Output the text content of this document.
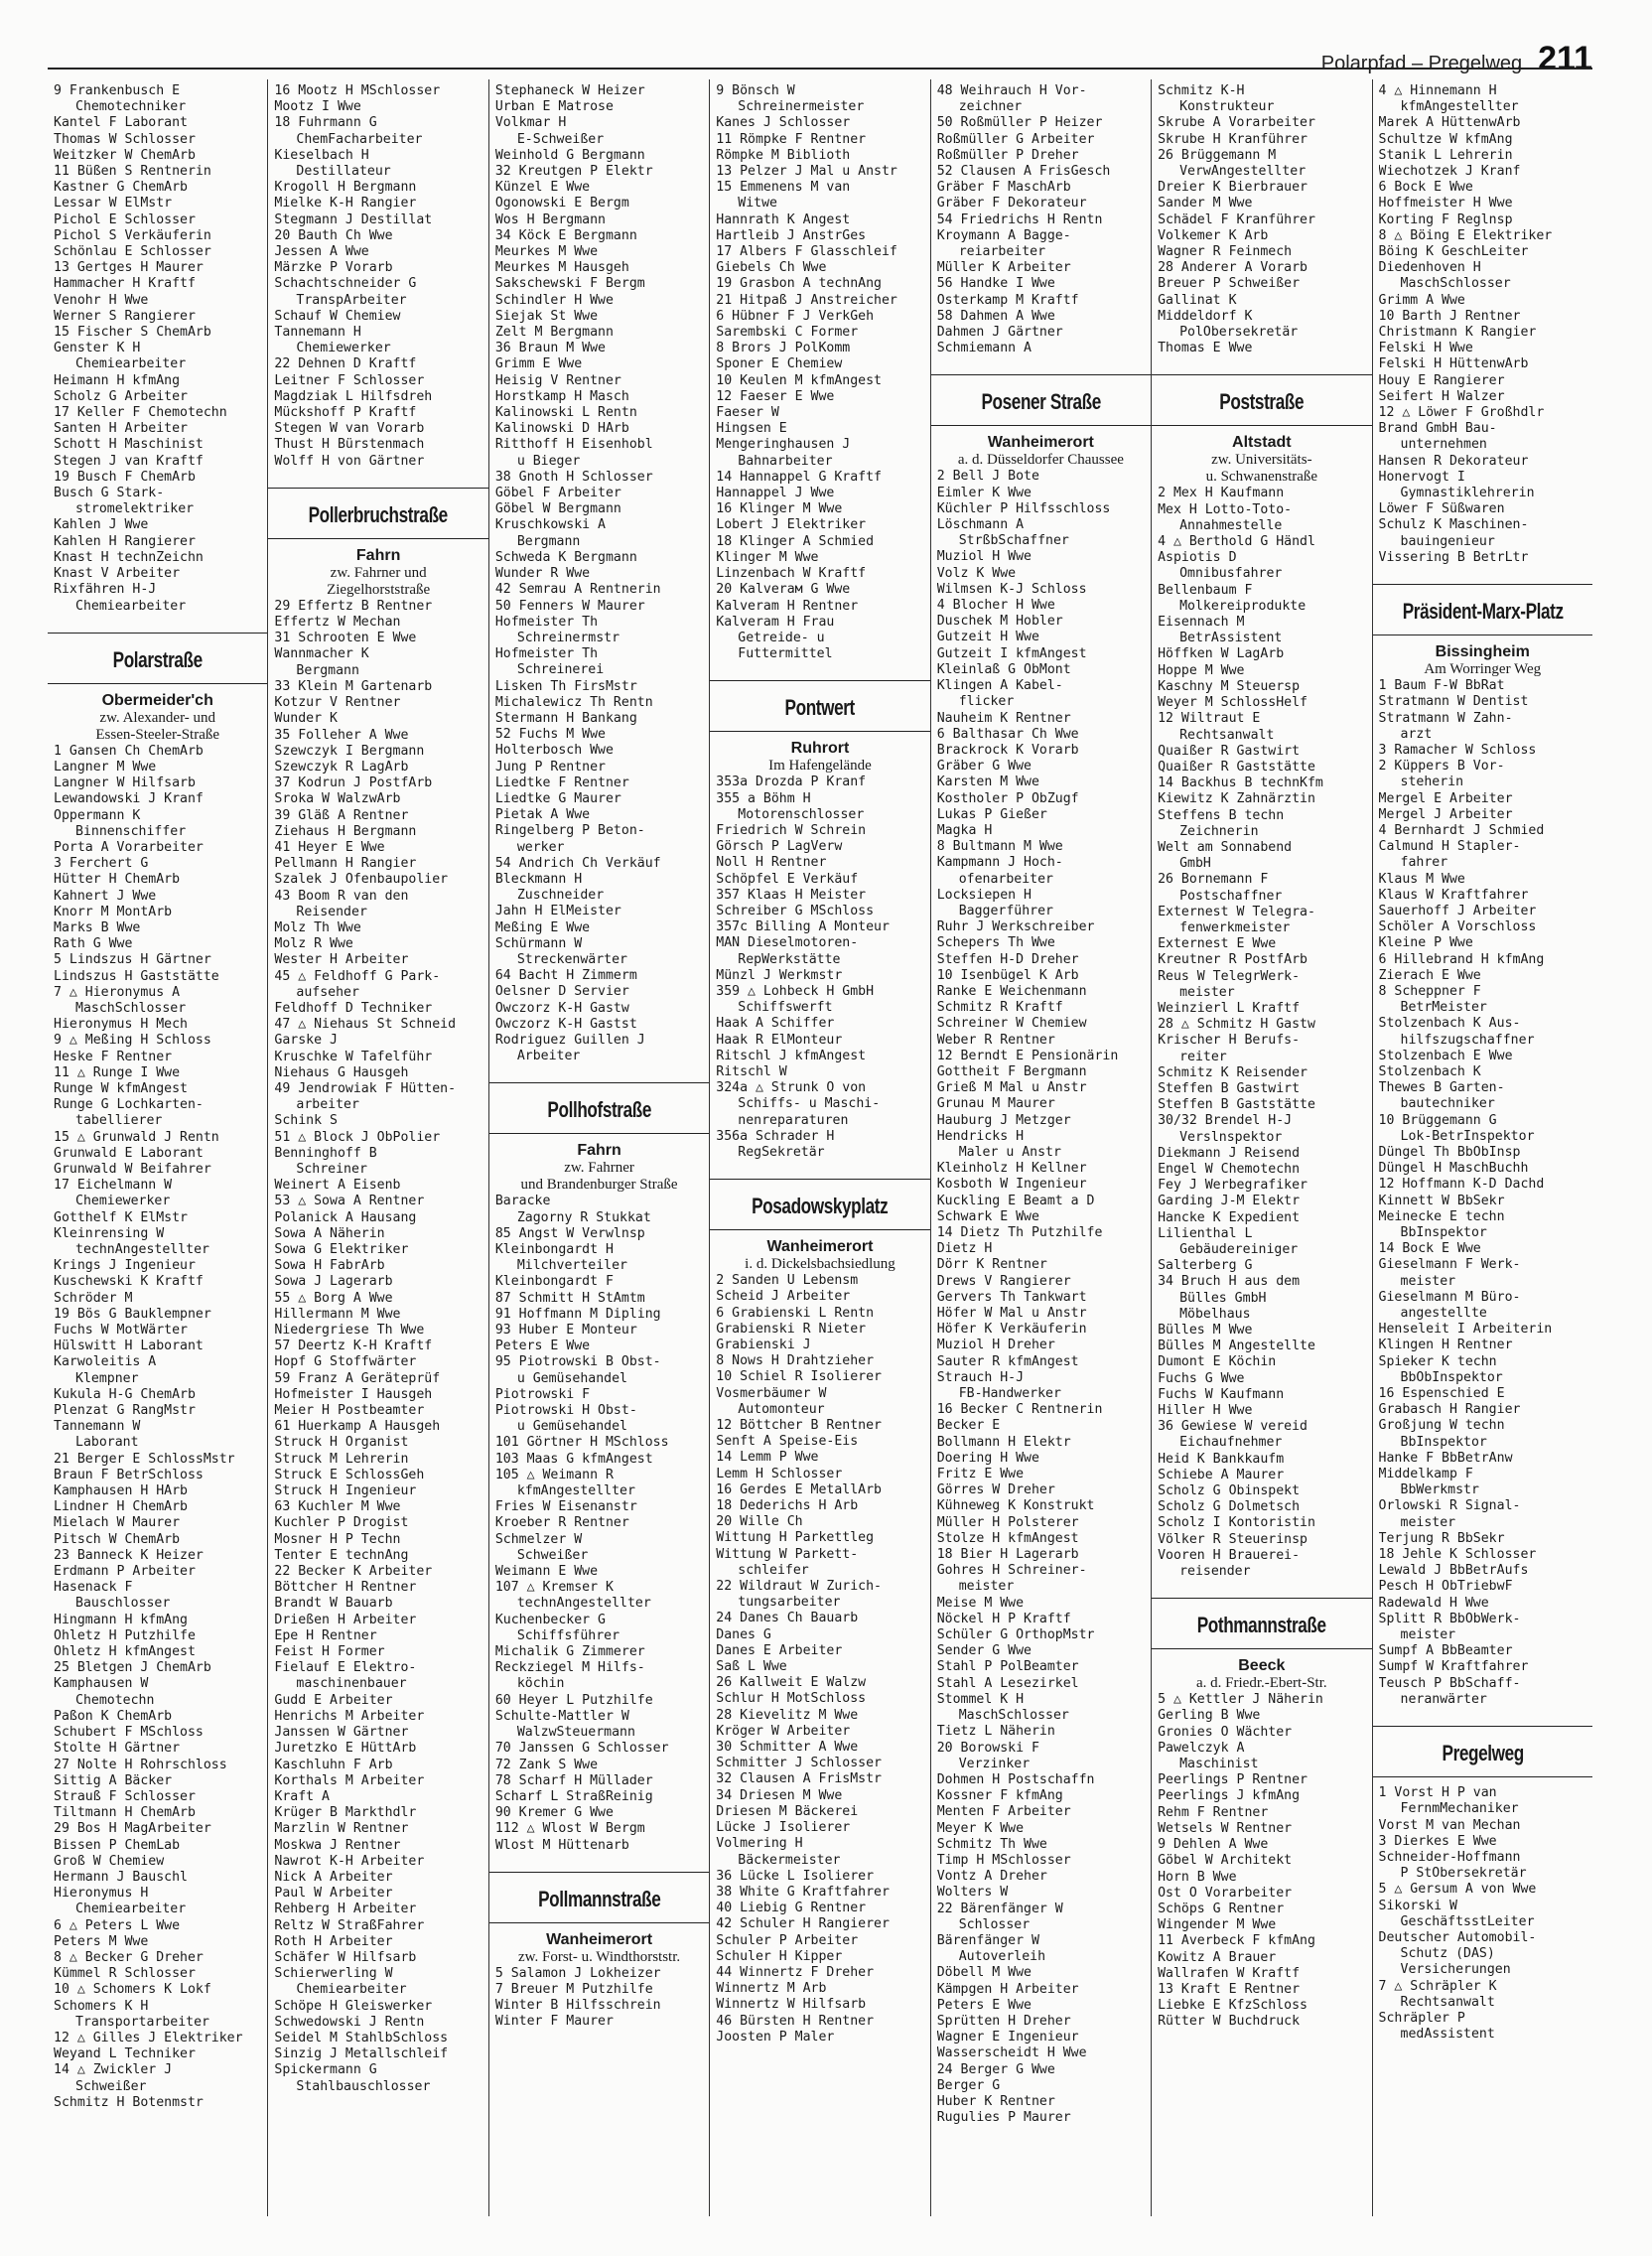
Polarpfad – Pregelweg 211
9 Frankenbusch E
Chemotechniker
Kantel F Laborant
Thomas W Schlosser
Weitzker W ChemArb
11 Büßen S Rentnerin
Kastner G ChemArb
Lessar W ElMstr
Pichol E Schlosser
Pichol S Verkäuferin
Schönlau E Schlosser
13 Gertges H Maurer
Hammacher H Kraftf
Venohr H Wwe
Werner S Rangierer
15 Fischer S ChemArb
Genster K H
Chemiearbeiter
Heimann H kfmAng
Scholz G Arbeiter
17 Keller F Chemotechn
Santen H Arbeiter
Schott H Maschinist
Stegen J van Kraftf
19 Busch F ChemArb
Busch G Stark-
stromelektriker
Kahlen J Wwe
Kahlen H Rangierer
Knast H technZeichn
Knast V Arbeiter
Rixfähren H-J
Chemiearbeiter
Polarstraße
Obermeider'ch
zw. Alexander- und
Essen-Steeler-Straße
1 Gansen Ch ChemArb
Langner M Wwe
Langner W Hilfsarb
Lewandowski J Kranf
Oppermann K
Binnenschiffer
Porta A Vorarbeiter
3 Ferchert G
Hütter H ChemArb
Kahnert J Wwe
Knorr M MontArb
Marks B Wwe
Rath G Wwe
5 Lindszus H Gärtner
Lindszus H Gaststätte
7 △ Hieronymus A
MaschSchlosser
Hieronymus H Mech
9 △ Meßing H Schloss
Heske F Rentner
11 △ Runge I Wwe
Runge W kfmAngest
Runge G Lochkarten-
tabellierer
15 △ Grunwald J Rentn
Grunwald E Laborant
Grunwald W Beifahrer
17 Eichelmann W
Chemiewerker
Gotthelf K ElMstr
Kleinrensing W
technAngestellter
Krings J Ingenieur
Kuschewski K Kraftf
Schröder M
19 Bös G Bauklempner
Fuchs W MotWärter
Hülswitt H Laborant
Karwoleitis A
Klempner
Kukula H-G ChemArb
Plenzat G RangMstr
Tannemann W
Laborant
21 Berger E SchlossMstr
Braun F BetrSchloss
Kamphausen H HArb
Lindner H ChemArb
Mielach W Maurer
Pitsch W ChemArb
23 Banneck K Heizer
Erdmann P Arbeiter
Hasenack F
Bauschlosser
Hingmann H kfmAng
Ohletz H Putzhilfe
Ohletz H kfmAngest
25 Bletgen J ChemArb
Kamphausen W
Chemotechn
Paßon K ChemArb
Schubert F MSchloss
Stolte H Gärtner
27 Nolte H Rohrschloss
Sittig A Bäcker
Strauß F Schlosser
Tiltmann H ChemArb
29 Bos H MagArbeiter
Bissen P ChemLab
Groß W Chemiew
Hermann J Bauschl
Hieronymus H
Chemiearbeiter
6 △ Peters L Wwe
Peters M Wwe
8 △ Becker G Dreher
Kümmel R Schlosser
10 △ Schomers K Lokf
Schomers K H
Transportarbeiter
12 △ Gilles J Elektriker
Weyand L Techniker
14 △ Zwickler J
Schweißer
Schmitz H Botenmstr
16 Mootz H MSchlosser
Mootz I Wwe
18 Fuhrmann G
ChemFacharbeiter
Kieselbach H
Destillateur
Krogoll H Bergmann
Mielke K-H Rangier
Stegmann J Destillat
20 Bauth Ch Wwe
Jessen A Wwe
Märzke P Vorarb
Schachtschneider G
TranspArbeiter
Schauf W Chemiew
Tannemann H
Chemiewerker
22 Dehnen D Kraftf
Leitner F Schlosser
Magdziak L Hilfsdreh
Mückshoff P Kraftf
Stegen W van Vorarb
Thust H Bürstenmach
Wolff H von Gärtner
Pollerbruchstraße
Fahrn
zw. Fahrner und
Ziegelhorststraße
29 Effertz B Rentner
Effertz W Mechan
31 Schrooten E Wwe
Wannmacher K
Bergmann
33 Klein M Gartenarb
Kotzur V Rentner
Wunder K
35 Folleher A Wwe
Szewczyk I Bergmann
Szewczyk R LagArb
37 Kodrun J PostfArb
Sroka W WalzwArb
39 Gläß A Rentner
Ziehaus H Bergmann
41 Heyer E Wwe
Pellmann H Rangier
Szalek J Ofenbaupolier
43 Boom R van den
Reisender
Molz Th Wwe
Molz R Wwe
Wester H Arbeiter
45 △ Feldhoff G Park-
aufseher
Feldhoff D Techniker
47 △ Niehaus St Schneid
Garske J
Kruschke W Tafelführ
Niehaus G Hausgeh
49 Jendrowiak F Hütten-
arbeiter
Schink S
51 △ Block J ObPolier
Benninghoff B
Schreiner
Weinert A Eisenb
53 △ Sowa A Rentner
Polanick A Hausang
Sowa A Näherin
Sowa G Elektriker
Sowa H FabrArb
Sowa J Lagerarb
55 △ Borg A Wwe
Hillermann M Wwe
Niedergriese Th Wwe
57 Deertz K-H Kraftf
Hopf G Stoffwärter
59 Franz A Geräteprüf
Hofmeister I Hausgeh
Meier H Postbeamter
61 Huerkamp A Hausgeh
Struck H Organist
Struck M Lehrerin
Struck E SchlossGeh
Struck H Ingenieur
63 Kuchler M Wwe
Kuchler P Drogist
Mosner H P Techn
Tenter E technAng
22 Becker K Arbeiter
Böttcher H Rentner
Brandt W Bauarb
Drießen H Arbeiter
Epe H Rentner
Feist H Former
Fielauf E Elektro-
maschinenbauer
Gudd E Arbeiter
Henrichs M Arbeiter
Janssen W Gärtner
Juretzko E HüttArb
Kaschluhn F Arb
Korthals M Arbeiter
Kraft A
Krüger B Markthdlr
Marzlin W Rentner
Moskwa J Rentner
Nawrot K-H Arbeiter
Nick A Arbeiter
Paul W Arbeiter
Rehberg H Arbeiter
Reltz W StraßFahrer
Roth H Arbeiter
Schäfer W Hilfsarb
Schierwerling W
Chemiearbeiter
Schöpe H Gleiswerker
Schwedowski J Rentn
Seidel M StahlbSchloss
Sinzig J Metallschleif
Spickermann G
Stahlbauschlosser
Stephaneck W Heizer
Urban E Matrose
Volkmar H
E-Schweißer
Weinhold G Bergmann
32 Kreutgen P Elektr
Künzel E Wwe
Ogonowski E Bergm
Wos H Bergmann
34 Köck E Bergmann
Meurkes M Wwe
Meurkes M Hausgeh
Sakschewski F Bergm
Schindler H Wwe
Siejak St Wwe
Zelt M Bergmann
36 Braun M Wwe
Grimm E Wwe
Heisig V Rentner
Horstkamp H Masch
Kalinowski L Rentn
Kalinowski D HArb
Ritthoff H Eisenhobl
u Bieger
38 Gnoth H Schlosser
Göbel F Arbeiter
Göbel W Bergmann
Kruschkowski A
Bergmann
Schweda K Bergmann
Wunder R Wwe
42 Semrau A Rentnerin
50 Fenners W Maurer
Hofmeister Th
Schreinermstr
Hofmeister Th
Schreinerei
Lisken Th FirsMstr
Michalewicz Th Rentn
Stermann H Bankang
52 Fuchs M Wwe
Holterbosch Wwe
Jung P Rentner
Liedtke F Rentner
Liedtke G Maurer
Pietak A Wwe
Ringelberg P Beton-
werker
54 Andrich Ch Verkäuf
Bleckmann H
Zuschneider
Jahn H ElMeister
Meßing E Wwe
Schürmann W
Streckenwärter
64 Bacht H Zimmerm
Oelsner D Servier
Owczorz K-H Gastw
Owczorz K-H Gastst
Rodriguez Guillen J
Arbeiter
Pollhofstraße
Fahrn
zw. Fahrner
und Brandenburger Straße
Baracke
Zagorny R Stukkat
85 Angst W Verwlnsp
Kleinbongardt H
Milchverteiler
Kleinbongardt F
87 Schmitt H StAmtm
91 Hoffmann M Dipling
93 Huber E Monteur
Peters E Wwe
95 Piotrowski B Obst-
u Gemüsehandel
Piotrowski F
Piotrowski H Obst-
u Gemüsehandel
101 Görtner H MSchloss
103 Maas G kfmAngest
105 △ Weimann R
kfmAngestellter
Fries W Eisenanstr
Kroeber R Rentner
Schmelzer W
Schweißer
Weimann E Wwe
107 △ Kremser K
technAngestellter
Kuchenbecker G
Schiffsführer
Michalik G Zimmerer
Reckziegel M Hilfs-
köchin
60 Heyer L Putzhilfe
Schulte-Mattler W
WalzwSteuermann
70 Janssen G Schlosser
72 Zank S Wwe
78 Scharf H Müllader
Scharf L StraßReinig
90 Kremer G Wwe
112 △ Wlost W Bergm
Wlost M Hüttenarb
Pollmannstraße
Wanheimerort
zw. Forst- u. Windthorststr.
5 Salamon J Lokheizer
7 Breuer M Putzhilfe
Winter B Hilfsschrein
Winter F Maurer
9 Bönsch W
Schreinermeister
Kanes J Schlosser
11 Römpke F Rentner
Römpke M Biblioth
13 Pelzer J Mal u Anstr
15 Emmenens M van
Witwe
Hannrath K Angest
Hartleib J AnstrGes
17 Albers F Glasschleif
Giebels Ch Wwe
19 Grasbon A technAng
21 Hitpaß J Anstreicher
6 Hübner F J VerkGeh
Sarembski C Former
8 Brors J PolKomm
Sponer E Chemiew
10 Keulen M kfmAngest
12 Faeser E Wwe
Faeser W
Hingsen E
Mengeringhausen J
Bahnarbeiter
14 Hannappel G Kraftf
Hannappel J Wwe
16 Klinger M Wwe
Lobert J Elektriker
18 Klinger A Schmied
Klinger M Wwe
Linzenbach W Kraftf
20 Kalverам G Wwe
Kalveram H Rentner
Kalveram H Frau
Getreide- u
Futtermittel
Pontwert
Ruhrort
Im Hafengelände
353a Drozda P Kranf
355 a Böhm H
Motorenschlosser
Friedrich W Schrein
Görsch P LagVerw
Noll H Rentner
Schöpfel E Verkäuf
357 Klaas H Meister
Schreiber G MSchloss
357c Billing A Monteur
MAN Dieselmotoren-
RepWerkstätte
Münzl J Werkmstr
359 △ Lohbeck H GmbH
Schiffswerft
Haak A Schiffer
Haak R ElMonteur
Ritschl J kfmAngest
Ritschl W
324a △ Strunk O von
Schiffs- u Maschi-
nenreparaturen
356a Schrader H
RegSekretär
Posadowskyplatz
Wanheimerort
i. d. Dickelsbachsiedlung
2 Sanden U Lebensm
Scheid J Arbeiter
6 Grabienski L Rentn
Grabienski R Nieter
Grabienski J
8 Nows H Drahtzieher
10 Schiel R Isolierer
Vosmerbäumer W
Automonteur
12 Böttcher B Rentner
Senft A Speise-Eis
14 Lemm P Wwe
Lemm H Schlosser
16 Gerdes E MetallArb
18 Dederichs H Arb
20 Wille Ch
Wittung H Parkettleg
Wittung W Parkett-
schleifer
22 Wildraut W Zurich-
tungsarbeiter
24 Danes Ch Bauarb
Danes G
Danes E Arbeiter
Saß L Wwe
26 Kallweit E Walzw
Schlur H MotSchloss
28 Kievelitz M Wwe
Kröger W Arbeiter
30 Schmitter A Wwe
Schmitter J Schlosser
32 Clausen A FrisMstr
34 Driesen M Wwe
Driesen M Bäckerei
Lücke J Isolierer
Volmering H
Bäckermeister
36 Lücke L Isolierer
38 White G Kraftfahrer
40 Liebig G Rentner
42 Schuler H Rangierer
Schuler P Arbeiter
Schuler H Kipper
44 Winnertz F Dreher
Winnertz M Arb
Winnertz W Hilfsarb
46 Bürsten H Rentner
Joosten P Maler
48 Weihrauch H Vor-
zeichner
50 Roßmüller P Heizer
Roßmüller G Arbeiter
Roßmüller P Dreher
52 Clausen A FrisGesch
Gräber F MaschArb
Gräber F Dekorateur
54 Friedrichs H Rentn
Kroymann A Bagge-
reiarbeiter
Müller K Arbeiter
56 Handke I Wwe
Osterkamp M Kraftf
58 Dahmen A Wwe
Dahmen J Gärtner
Schmiemann A
Posener Straße
Wanheimerort
a. d. Düsseldorfer Chaussee
2 Bell J Bote
Eimler K Wwe
Küchler P Hilfsschloss
Löschmann A
StrßbSchaffner
Muziol H Wwe
Volz K Wwe
Wilmsen K-J Schloss
4 Blocher H Wwe
Duschek M Hobler
Gutzeit H Wwe
Gutzeit I kfmAngest
Kleinlaß G ObMont
Klingen A Kabel-
flicker
Nauheim K Rentner
6 Balthasar Ch Wwe
Brackrock K Vorarb
Gräber G Wwe
Karsten M Wwe
Kostholer P ObZugf
Lukas P Gießer
Magka H
8 Bultmann M Wwe
Kampmann J Hoch-
ofenarbeiter
Locksiepen H
Baggerführer
Ruhr J Werkschreiber
Schepers Th Wwe
Steffen H-D Dreher
10 Isenbügel K Arb
Ranke E Weichenmann
Schmitz R Kraftf
Schreiner W Chemiew
Weber R Rentner
12 Berndt E Pensionärin
Gottheit F Bergmann
Grieß M Mal u Anstr
Grunau M Maurer
Hauburg J Metzger
Hendricks H
Maler u Anstr
Kleinholz H Kellner
Kosboth W Ingenieur
Kuckling E Beamt a D
Schwark E Wwe
14 Dietz Th Putzhilfe
Dietz H
Dörr K Rentner
Drews V Rangierer
Gervers Th Tankwart
Höfer W Mal u Anstr
Höfer K Verkäuferin
Muziol H Dreher
Sauter R kfmAngest
Strauch H-J
FB-Handwerker
16 Becker C Rentnerin
Becker E
Bollmann H Elektr
Doering H Wwe
Fritz E Wwe
Görres W Dreher
Kühneweg K Konstrukt
Müller H Polsterer
Stolze H kfmAngest
18 Bier H Lagerarb
Gohres H Schreiner-
meister
Meise M Wwe
Nöckel H P Kraftf
Schüler G OrthopMstr
Sender G Wwe
Stahl P PolBeamter
Stahl A Lesezirkel
Stommel K H
MaschSchlosser
Tietz L Näherin
20 Borowski F
Verzinker
Dohmen H Postschaffn
Kossner F kfmAng
Menten F Arbeiter
Meyer K Wwe
Schmitz Th Wwe
Timp H MSchlosser
Vontz A Dreher
Wolters W
22 Bärenfänger W
Schlosser
Bärenfänger W
Autoverleih
Döbell M Wwe
Kämpgen H Arbeiter
Peters E Wwe
Sprütten H Dreher
Wagner E Ingenieur
Wasserscheidt H Wwe
24 Berger G Wwe
Berger G
Huber K Rentner
Rugulies P Maurer
Schmitz K-H
Konstrukteur
Skrube A Vorarbeiter
Skrube H Kranführer
26 Brüggemann M
VerwAngestellter
Dreier K Bierbrauer
Sander M Wwe
Schädel F Kranführer
Volkemer K Arb
Wagner R Feinmech
28 Anderer A Vorarb
Breuer P Schweißer
Gallinat K
Middeldorf K
PolObersekretär
Thomas E Wwe
Poststraße
Altstadt
zw. Universitäts-
u. Schwanenstraße
2 Mex H Kaufmann
Mex H Lotto-Toto-
Annahmestelle
4 △ Berthold G Händl
Aspiotis D
Omnibusfahrer
Bellenbaum F
Molkereiprodukte
Eisennach M
BetrAssistent
Höffken W LagArb
Hoppe M Wwe
Kaschny M Steuersp
Weyer M SchlossHelf
12 Wiltraut E
Rechtsanwalt
Quaißer R Gastwirt
Quaißer R Gaststätte
14 Backhus B technKfm
Kiewitz K Zahnärztin
Steffens B techn
Zeichnerin
Welt am Sonnabend
GmbH
26 Bornemann F
Postschaffner
Externest W Telegra-
fenwerkmeister
Externest E Wwe
Kreutner R PostfArb
Reus W TelegrWerk-
meister
Weinzierl L Kraftf
28 △ Schmitz H Gastw
Krischer H Berufs-
reiter
Schmitz K Reisender
Steffen B Gastwirt
Steffen B Gaststätte
30/32 Brendel H-J
Verslnspektor
Diekmann J Reisend
Engel W Chemotechn
Fey J Werbegrafiker
Garding J-M Elektr
Hancke K Expedient
Lilienthal L
Gebäudereiniger
Salterberg G
34 Bruch H aus dem
Bülles GmbH
Möbelhaus
Bülles M Wwe
Bülles M Angestellte
Dumont E Köchin
Fuchs G Wwe
Fuchs W Kaufmann
Hiller H Wwe
36 Gewiese W vereid
Eichaufnehmer
Heid K Bankkaufm
Schiebe A Maurer
Scholz G Obinspekt
Scholz G Dolmetsch
Scholz I Kontoristin
Völker R Steuerinsp
Vooren H Brauerei-
reisender
Pothmannstraße
Beeck
a. d. Friedr.-Ebert-Str.
5 △ Kettler J Näherin
Gerling B Wwe
Gronies O Wächter
Pawelczyk A
Maschinist
Peerlings P Rentner
Peerlings J kfmAng
Rehm F Rentner
Wetsels W Rentner
9 Dehlen A Wwe
Göbel W Architekt
Horn B Wwe
Ost O Vorarbeiter
Schöps G Rentner
Wingender M Wwe
11 Averbeck F kfmAng
Kowitz A Brauer
Wallrafen W Kraftf
13 Kraft E Rentner
Liebke E KfzSchloss
Rütter W Buchdruck
4 △ Hinnemann H
kfmAngestellter
Marek A HüttenwArb
Schultze W kfmAng
Stanik L Lehrerin
Wiechotzek J Kranf
6 Bock E Wwe
Hoffmeister H Wwe
Korting F Reglnsp
8 △ Böing E Elektriker
Böing K GeschLeiter
Diedenhoven H
MaschSchlosser
Grimm A Wwe
10 Barth J Rentner
Christmann K Rangier
Felski H Wwe
Felski H HüttenwArb
Houy E Rangierer
Seifert H Walzer
12 △ Löwer F Großhdlr
Brand GmbH Bau-
unternehmen
Hansen R Dekorateur
Honervogt I
Gymnastiklehrerin
Löwer F Süßwaren
Schulz K Maschinen-
bauingenieur
Vissering B BetrLtr
Präsident-Marx-Platz
Bissingheim
Am Worringer Weg
1 Baum F-W BbRat
Stratmann W Dentist
Stratmann W Zahn-
arzt
3 Ramacher W Schloss
2 Küppers B Vor-
steherin
Mergel E Arbeiter
Mergel J Arbeiter
4 Bernhardt J Schmied
Calmund H Stapler-
fahrer
Klaus M Wwe
Klaus W Kraftfahrer
Sauerhoff J Arbeiter
Schöler A Vorschloss
Kleine P Wwe
6 Hillebrand H kfmAng
Zierach E Wwe
8 Scheppner F
BetrMeister
Stolzenbach K Aus-
hilfszugschaffner
Stolzenbach E Wwe
Stolzenbach K
Thewes B Garten-
bautechniker
10 Brüggemann G
Lok-BetrInspektor
Düngel Th BbObInsp
Düngel H MaschBuchh
12 Hoffmann K-D Dachd
Kinnett W BbSekr
Meinecke E techn
BbInspektor
14 Bock E Wwe
Gieselmann F Werk-
meister
Gieselmann M Büro-
angestellte
Henseleit I Arbeiterin
Klingen H Rentner
Spieker K techn
BbObInspektor
16 Espenschied E
Grabasch H Rangier
Großjung W techn
BbInspektor
Hanke F BbBetrAnw
Middelkamp F
BbWerkmstr
Orlowski R Signal-
meister
Terjung R BbSekr
18 Jehle K Schlosser
Lewald J BbBetrAufs
Pesch H ObTriebwF
Radewald H Wwe
Splitt R BbObWerk-
meister
Sumpf A BbBeamter
Sumpf W Kraftfahrer
Teusch P BbSchaff-
neranwärter
Pregelweg
1 Vorst H P van
FernmMechaniker
Vorst M van Mechan
3 Dierkes E Wwe
Schneider-Hoffmann
P StObersekretär
5 △ Gersum A von Wwe
Sikorski W
GeschäftsstLeiter
Deutscher Automobil-
Schutz (DAS)
Versicherungen
7 △ Schräpler K
Rechtsanwalt
Schräpler P
medAssistent
